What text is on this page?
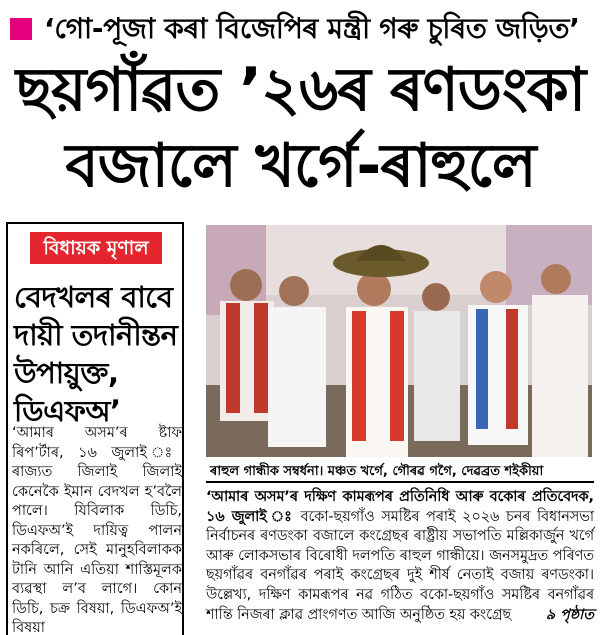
‘গো-পূজা কৰা বিজেপিৰ মন্ত্ৰী গৰু চুৰিত জড়িত’
ছয়গাঁৱত ’২৬ৰ ৰণডংকা
বজালে খৰ্গে-ৰাহুলে
বিধায়ক মৃণাল
বেদখলৰ বাবে
দায়ী তদানীন্তন
উপায়ুক্ত,
ডিএফঅ’
‘আমাৰ অসম’ৰ ষ্টাফ ৰিপ’ৰ্টাৰ, ১৬ জুলাই ঃ ৰাজ্যত জিলাই জিলাই কেনেকৈ ইমান বেদখল হ’বলৈ পালে। যিবিলাক ডিচি, ডিএফঅ’ই দায়িত্ব পালন নকৰিলে, সেই মানুহবিলাকক টানি আনি এতিয়া শাস্তিমূলক ব্যৱস্থা ল’ব লাগে। কোন ডিচি, চক্ৰ বিষয়া, ডিএফঅ’ই বিষয়া
ৰাহুল গান্ধীক সম্বৰ্ধনা। মঞ্চত খৰ্গে, গৌৰৱ গগৈ, দেৱব্ৰত শইকীয়া
‘আমাৰ অসম’ৰ দক্ষিণ কামৰূপৰ প্ৰতিনিধি আৰু বকোৰ প্ৰতিবেদক, ১৬ জুলাই ঃ বকো-ছয়গাঁও সমষ্টিৰ পৰাই ২০২৬ চনৰ বিধানসভা নিৰ্বাচনৰ ৰণডংকা বজালে কংগ্ৰেছৰ ৰাষ্ট্ৰীয় সভাপতি মল্লিকাৰ্জুন খৰ্গে আৰু লোকসভাৰ বিৰোধী দলপতি ৰাহুল গান্ধীয়ে। জনসমুদ্ৰত পৰিণত ছয়গাঁৱৰ বনগাঁৱৰ পৰাই কংগ্ৰেছৰ দুই শীৰ্ষ নেতাই বজায় ৰণডংকা। উল্লেখ্য, দক্ষিণ কামৰূপৰ নৱ গঠিত বকো-ছয়গাঁও সমষ্টিৰ বনগাঁৱৰ শান্তি নিজৰা ক্লাৱ প্ৰাংগণত আজি অনুষ্ঠিত হয় কংগ্ৰেছ ৯ পৃষ্ঠাত
